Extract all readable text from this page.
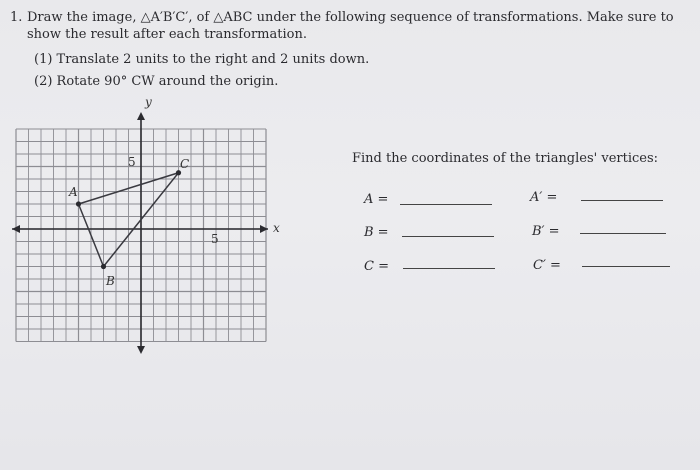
1. Draw the image, △A′B′C′, of △ABC under the following sequence of transformations. Make sure to show the result after each transformation.
(1) Translate 2 units to the right and 2 units down.
(2) Rotate 90° CW around the origin.
y
x
5
5
A
B
C	Find the coordinates of the triangles' vertices:
A =
B =
C =
A′ =
B′ =
C′ =
